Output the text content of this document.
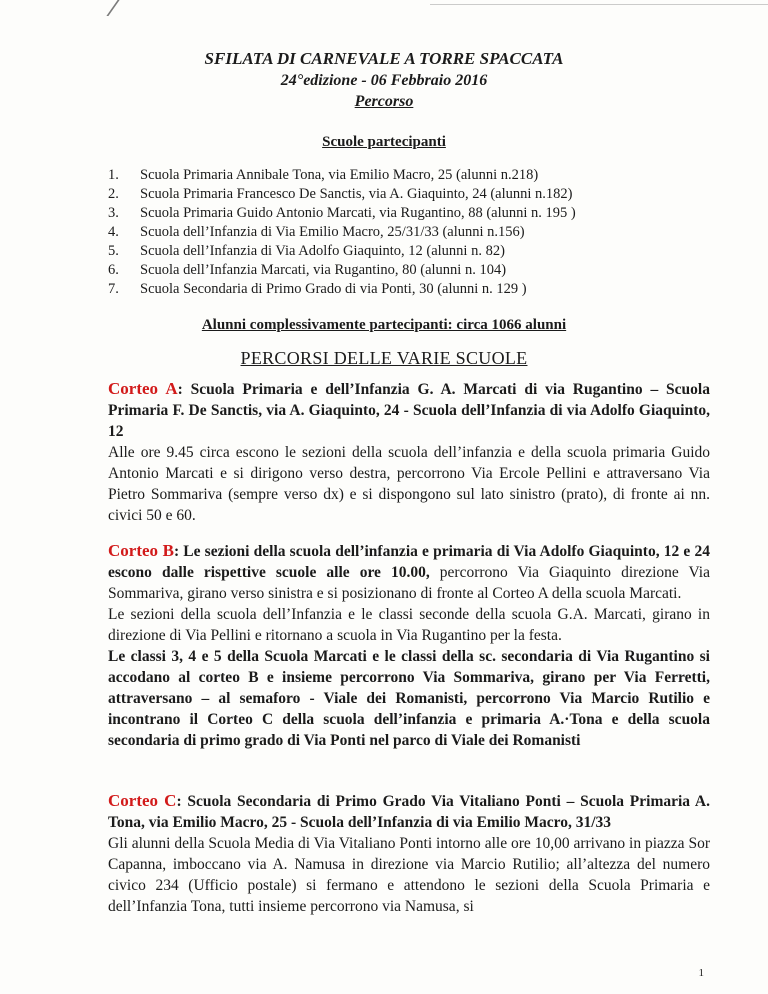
SFILATA DI CARNEVALE A TORRE SPACCATA
24°edizione - 06 Febbraio 2016
Percorso
Scuole partecipanti
1.	Scuola Primaria Annibale Tona, via Emilio Macro, 25 (alunni n.218)
2.	Scuola Primaria Francesco De Sanctis, via A. Giaquinto, 24 (alunni n.182)
3.	Scuola Primaria Guido Antonio Marcati, via Rugantino, 88 (alunni n. 195 )
4.	Scuola dell’Infanzia di Via Emilio Macro, 25/31/33 (alunni n.156)
5.	Scuola dell’Infanzia di Via Adolfo Giaquinto, 12 (alunni n. 82)
6.	Scuola dell’Infanzia Marcati, via Rugantino, 80 (alunni n. 104)
7.	Scuola Secondaria di Primo Grado di via Ponti, 30 (alunni n. 129 )
Alunni complessivamente partecipanti: circa 1066 alunni
PERCORSI DELLE VARIE SCUOLE

Corteo A: Scuola Primaria e dell’Infanzia G. A. Marcati di via Rugantino – Scuola Primaria F. De Sanctis, via A. Giaquinto, 24 - Scuola dell’Infanzia di via Adolfo Giaquinto, 12

Alle ore 9.45 circa escono le sezioni della scuola dell’infanzia e della scuola primaria Guido Antonio Marcati e si dirigono verso destra, percorrono Via Ercole Pellini e attraversano Via Pietro Sommariva (sempre verso dx) e si dispongono sul lato sinistro (prato), di fronte ai nn. civici 50 e 60.

Corteo B: Le sezioni della scuola dell’infanzia e primaria di Via Adolfo Giaquinto, 12 e 24 escono dalle rispettive scuole alle ore 10.00, percorrono Via Giaquinto direzione Via Sommariva, girano verso sinistra e si posizionano di fronte al Corteo A della scuola Marcati.

Le sezioni della scuola dell’Infanzia e le classi seconde della scuola G.A. Marcati, girano in direzione di Via Pellini e ritornano a scuola in Via Rugantino per la festa.

Le classi 3, 4 e 5 della Scuola Marcati e le classi della sc. secondaria di Via Rugantino si accodano al corteo B e insieme percorrono Via Sommariva, girano per Via Ferretti, attraversano – al semaforo - Viale dei Romanisti, percorrono Via Marcio Rutilio e incontrano il Corteo C della scuola dell’infanzia e primaria A.·Tona e della scuola secondaria di primo grado di Via Ponti nel parco di Viale dei Romanisti

Corteo C: Scuola Secondaria di Primo Grado Via Vitaliano Ponti – Scuola Primaria A. Tona, via Emilio Macro, 25 - Scuola dell’Infanzia di via Emilio Macro, 31/33

Gli alunni della Scuola Media di Via Vitaliano Ponti intorno alle ore 10,00 arrivano in piazza Sor Capanna, imboccano via A. Namusa in direzione via Marcio Rutilio; all’altezza del numero civico 234 (Ufficio postale) si fermano e attendono le sezioni della Scuola Primaria e dell’Infanzia Tona, tutti insieme percorrono via Namusa, si

1
